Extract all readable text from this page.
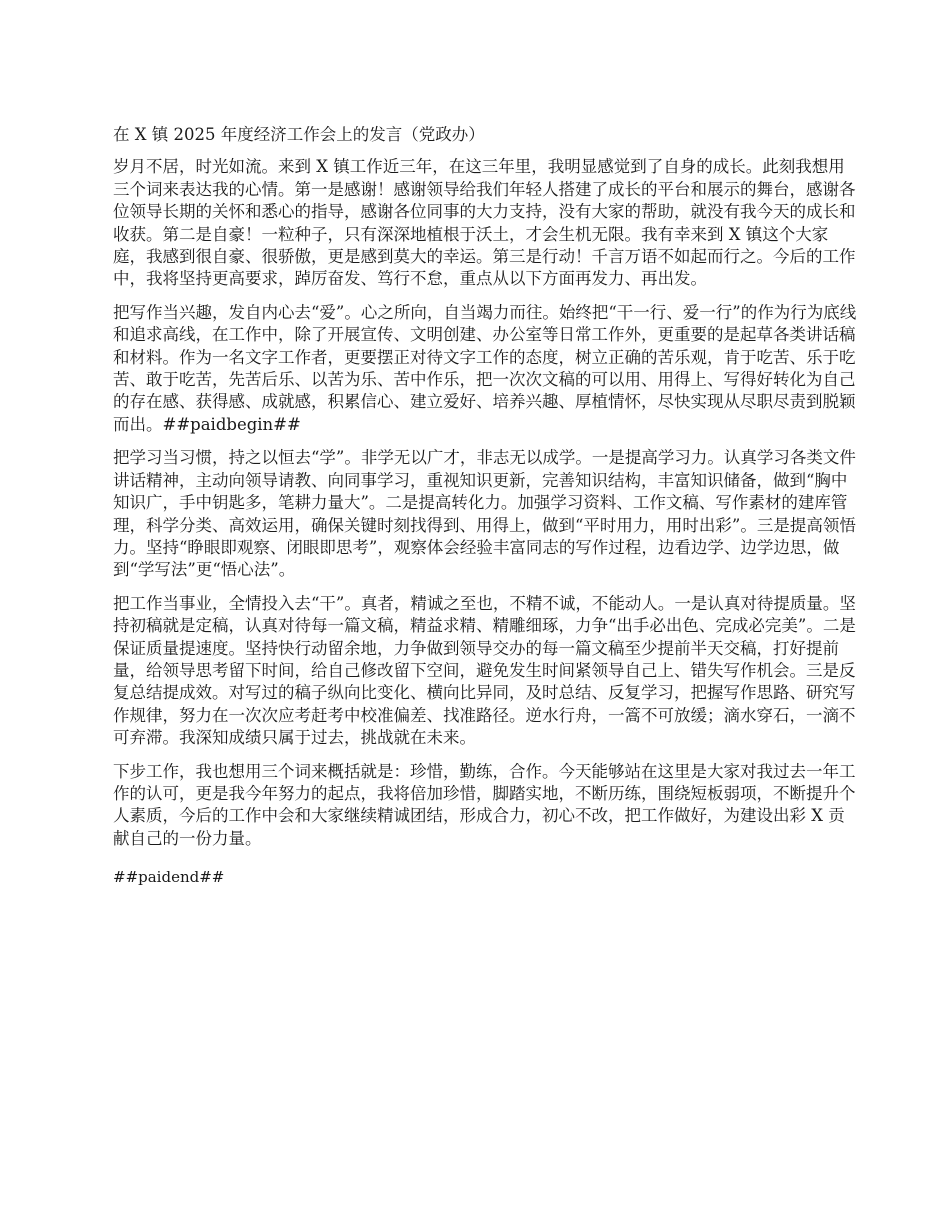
在 X 镇 2025 年度经济工作会上的发言（党政办）

岁月不居，时光如流。来到 X 镇工作近三年，在这三年里，我明显感觉到了自身的成长。此刻我想用三个词来表达我的心情。第一是感谢！感谢领导给我们年轻人搭建了成长的平台和展示的舞台，感谢各位领导长期的关怀和悉心的指导，感谢各位同事的大力支持，没有大家的帮助，就没有我今天的成长和收获。第二是自豪！一粒种子，只有深深地植根于沃土，才会生机无限。我有幸来到 X 镇这个大家庭，我感到很自豪、很骄傲，更是感到莫大的幸运。第三是行动！千言万语不如起而行之。今后的工作中，我将坚持更高要求，踔厉奋发、笃行不怠，重点从以下方面再发力、再出发。

把写作当兴趣，发自内心去“爱”。心之所向，自当竭力而往。始终把“干一行、爱一行”的作为行为底线和追求高线，在工作中，除了开展宣传、文明创建、办公室等日常工作外，更重要的是起草各类讲话稿和材料。作为一名文字工作者，更要摆正对待文字工作的态度，树立正确的苦乐观，肯于吃苦、乐于吃苦、敢于吃苦，先苦后乐、以苦为乐、苦中作乐，把一次次文稿的可以用、用得上、写得好转化为自己的存在感、获得感、成就感，积累信心、建立爱好、培养兴趣、厚植情怀，尽快实现从尽职尽责到脱颖而出。##paidbegin##

把学习当习惯，持之以恒去“学”。非学无以广才，非志无以成学。一是提高学习力。认真学习各类文件讲话精神，主动向领导请教、向同事学习，重视知识更新，完善知识结构，丰富知识储备，做到“胸中知识广，手中钥匙多，笔耕力量大”。二是提高转化力。加强学习资料、工作文稿、写作素材的建库管理，科学分类、高效运用，确保关键时刻找得到、用得上，做到“平时用力，用时出彩”。三是提高领悟力。坚持“睁眼即观察、闭眼即思考”，观察体会经验丰富同志的写作过程，边看边学、边学边思，做到“学写法”更“悟心法”。

把工作当事业，全情投入去“干”。真者，精诚之至也，不精不诚，不能动人。一是认真对待提质量。坚持初稿就是定稿，认真对待每一篇文稿，精益求精、精雕细琢，力争“出手必出色、完成必完美”。二是保证质量提速度。坚持快行动留余地，力争做到领导交办的每一篇文稿至少提前半天交稿，打好提前量，给领导思考留下时间，给自己修改留下空间，避免发生时间紧领导自己上、错失写作机会。三是反复总结提成效。对写过的稿子纵向比变化、横向比异同，及时总结、反复学习，把握写作思路、研究写作规律，努力在一次次应考赶考中校准偏差、找准路径。逆水行舟，一篙不可放缓；滴水穿石，一滴不可弃滞。我深知成绩只属于过去，挑战就在未来。

下步工作，我也想用三个词来概括就是：珍惜，勤练，合作。今天能够站在这里是大家对我过去一年工作的认可，更是我今年努力的起点，我将倍加珍惜，脚踏实地，不断历练，围绕短板弱项，不断提升个人素质，今后的工作中会和大家继续精诚团结，形成合力，初心不改，把工作做好，为建设出彩 X 贡献自己的一份力量。

##paidend##
